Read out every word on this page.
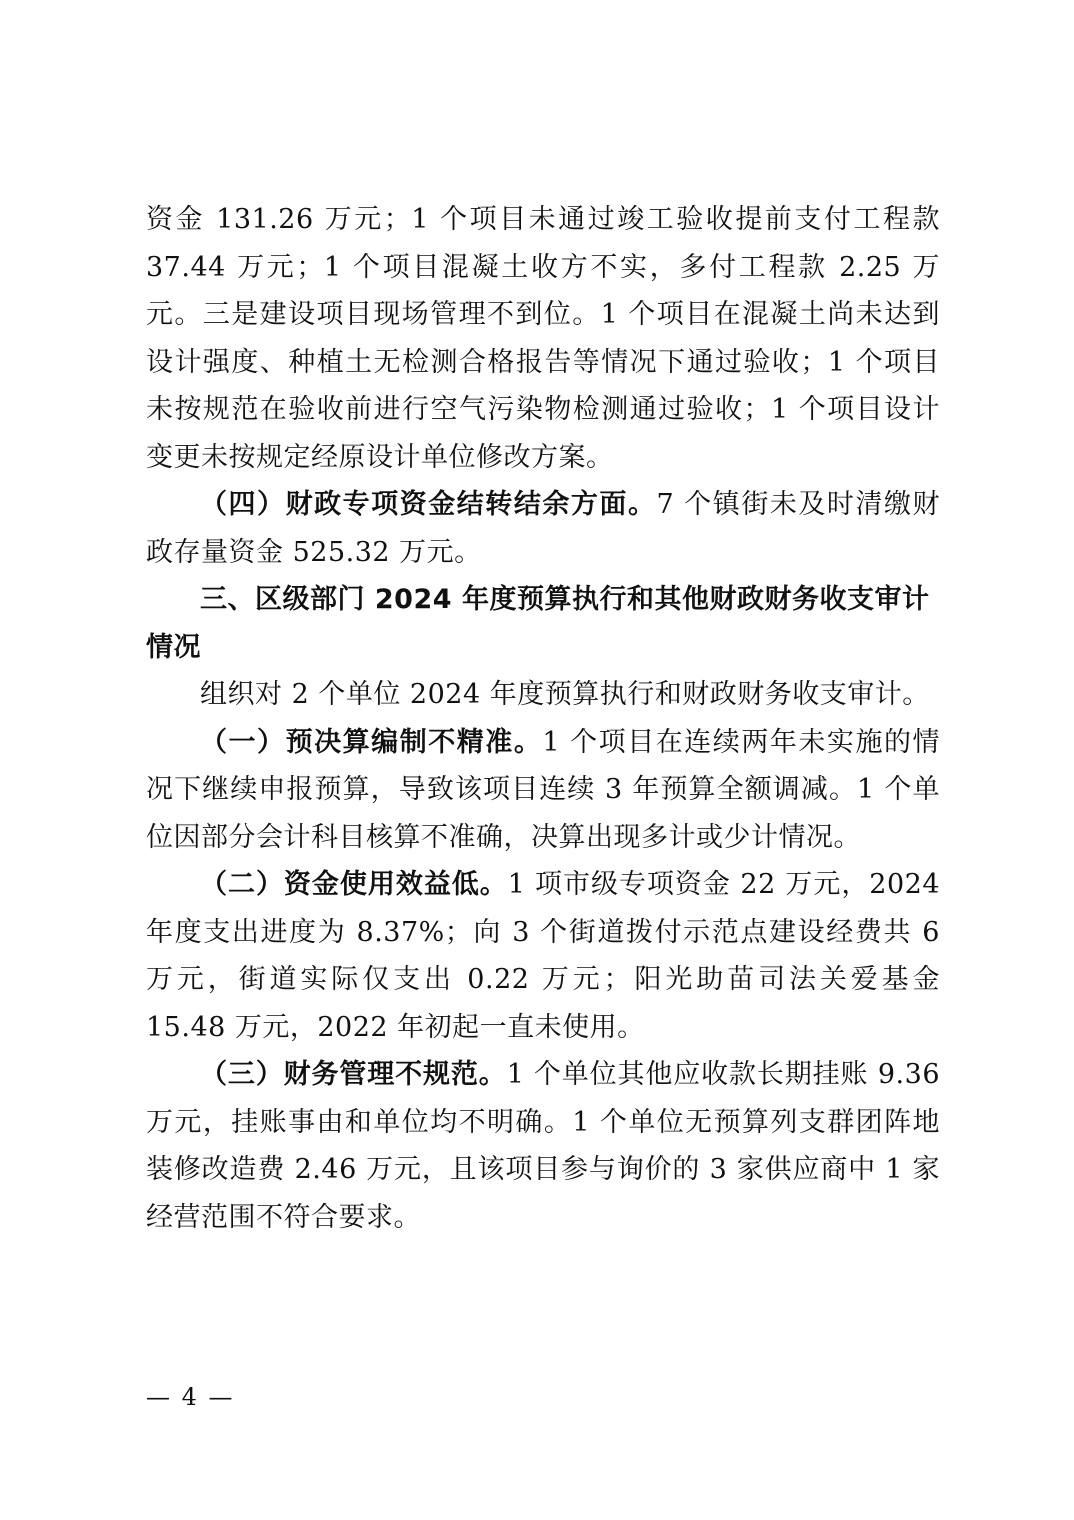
资金 131.26 万元；1 个项目未通过竣工验收提前支付工程款 37.44 万元；1 个项目混凝土收方不实，多付工程款 2.25 万元。三是建设项目现场管理不到位。1 个项目在混凝土尚未达到设计强度、种植土无检测合格报告等情况下通过验收；1 个项目未按规范在验收前进行空气污染物检测通过验收；1 个项目设计变更未按规定经原设计单位修改方案。

（四）财政专项资金结转结余方面。7 个镇街未及时清缴财政存量资金 525.32 万元。

三、区级部门 2024 年度预算执行和其他财政财务收支审计情况

组织对 2 个单位 2024 年度预算执行和财政财务收支审计。

（一）预决算编制不精准。1 个项目在连续两年未实施的情况下继续申报预算，导致该项目连续 3 年预算全额调减。1 个单位因部分会计科目核算不准确，决算出现多计或少计情况。

（二）资金使用效益低。1 项市级专项资金 22 万元，2024 年度支出进度为 8.37%；向 3 个街道拨付示范点建设经费共 6 万元，街道实际仅支出 0.22 万元；阳光助苗司法关爱基金 15.48 万元，2022 年初起一直未使用。

（三）财务管理不规范。1 个单位其他应收款长期挂账 9.36 万元，挂账事由和单位均不明确。1 个单位无预算列支群团阵地装修改造费 2.46 万元，且该项目参与询价的 3 家供应商中 1 家经营范围不符合要求。

— 4 —
